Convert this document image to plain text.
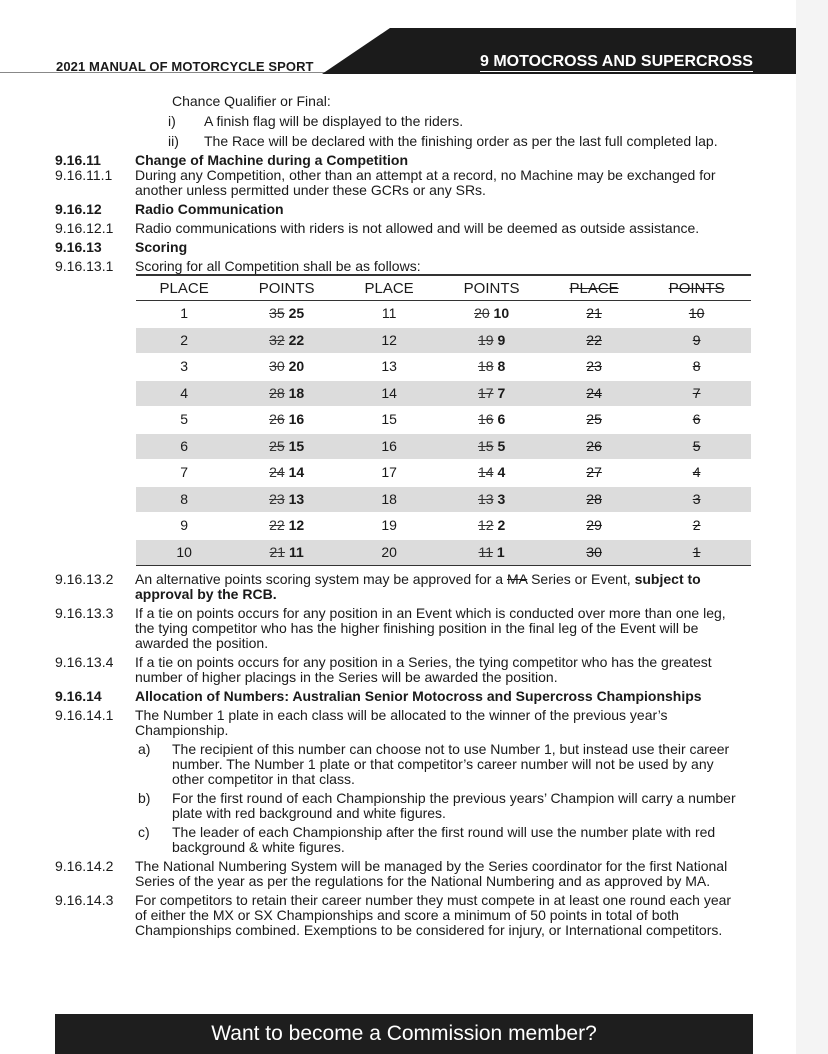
2021 MANUAL OF MOTORCYCLE SPORT	9 MOTOCROSS AND SUPERCROSS
Chance Qualifier or Final:
i) A finish flag will be displayed to the riders.
ii) The Race will be declared with the finishing order as per the last full completed lap.
9.16.11 Change of Machine during a Competition
9.16.11.1 During any Competition, other than an attempt at a record, no Machine may be exchanged for another unless permitted under these GCRs or any SRs.
9.16.12 Radio Communication
9.16.12.1 Radio communications with riders is not allowed and will be deemed as outside assistance.
9.16.13 Scoring
9.16.13.1 Scoring for all Competition shall be as follows:
PLACE	POINTS	PLACE	POINTS	PLACE	POINTS
1	35 25	11	20 10	21	10
2	32 22	12	19 9	22	9
3	30 20	13	18 8	23	8
4	28 18	14	17 7	24	7
5	26 16	15	16 6	25	6
6	25 15	16	15 5	26	5
7	24 14	17	14 4	27	4
8	23 13	18	13 3	28	3
9	22 12	19	12 2	29	2
10	21 11	20	11 1	30	1
9.16.13.2 An alternative points scoring system may be approved for a MA Series or Event, subject to approval by the RCB.
9.16.13.3 If a tie on points occurs for any position in an Event which is conducted over more than one leg, the tying competitor who has the higher finishing position in the final leg of the Event will be awarded the position.
9.16.13.4 If a tie on points occurs for any position in a Series, the tying competitor who has the greatest number of higher placings in the Series will be awarded the position.
9.16.14 Allocation of Numbers: Australian Senior Motocross and Supercross Championships
9.16.14.1 The Number 1 plate in each class will be allocated to the winner of the previous year’s Championship.
a) The recipient of this number can choose not to use Number 1, but instead use their career number. The Number 1 plate or that competitor’s career number will not be used by any other competitor in that class.
b) For the first round of each Championship the previous years’ Champion will carry a number plate with red background and white figures.
c) The leader of each Championship after the first round will use the number plate with red background & white figures.
9.16.14.2 The National Numbering System will be managed by the Series coordinator for the first National Series of the year as per the regulations for the National Numbering and as approved by MA.
9.16.14.3 For competitors to retain their career number they must compete in at least one round each year of either the MX or SX Championships and score a minimum of 50 points in total of both Championships combined. Exemptions to be considered for injury, or International competitors.
Want to become a Commission member?
